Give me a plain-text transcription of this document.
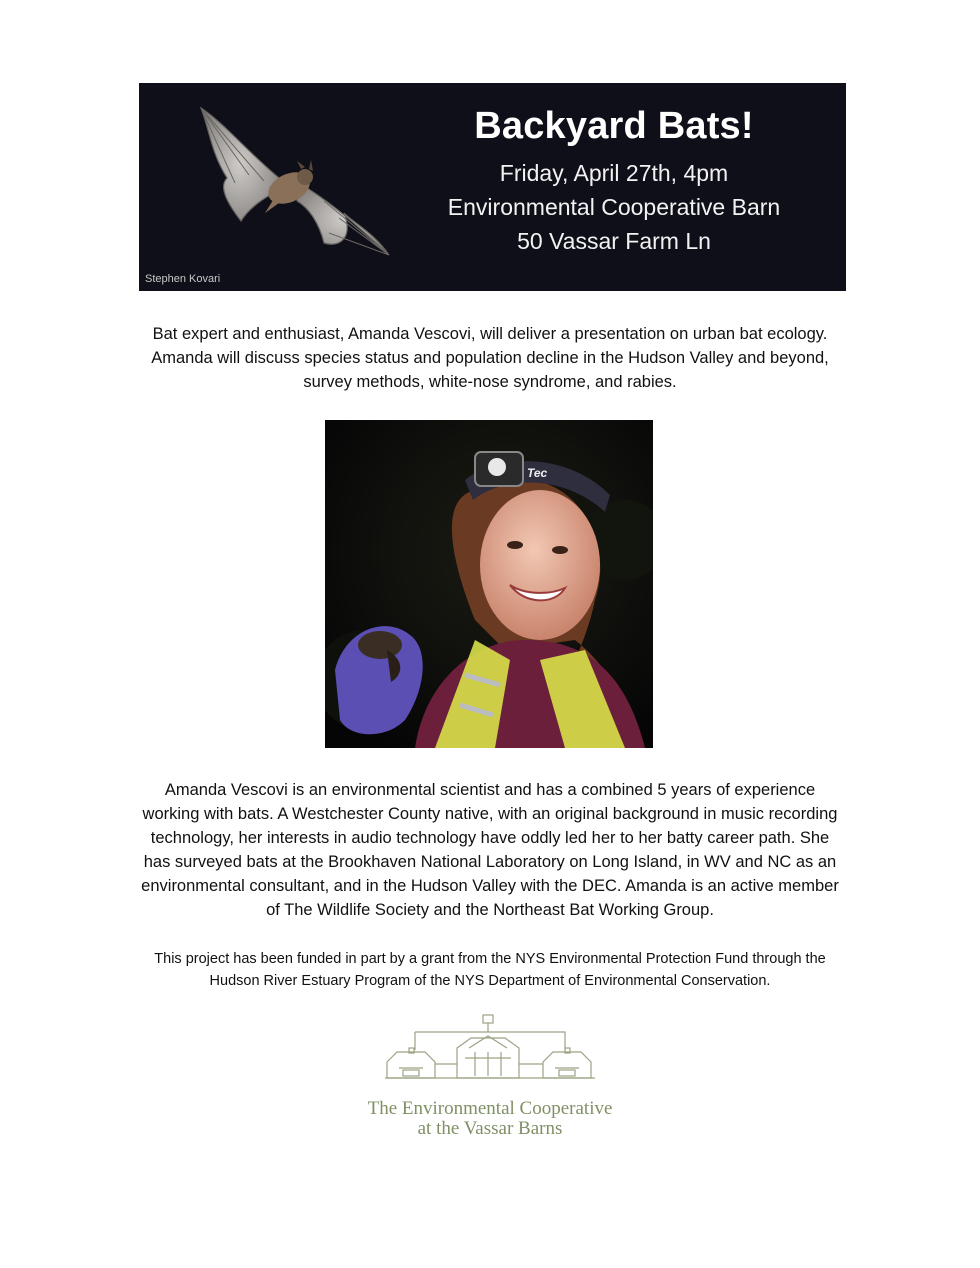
Stephen Kovari
Backyard Bats!
Friday, April 27th, 4pm
Environmental Cooperative Barn
50 Vassar Farm Ln
Bat expert and enthusiast, Amanda Vescovi, will deliver a presentation on urban bat ecology.
Amanda will discuss species status and population decline in the Hudson Valley and beyond,
survey methods, white-nose syndrome, and rabies.
Tec
Amanda Vescovi is an environmental scientist and has a combined 5 years of experience
working with bats. A Westchester County native, with an original background in music recording
technology, her interests in audio technology have oddly led her to her batty career path. She
has surveyed bats at the Brookhaven National Laboratory on Long Island, in WV and NC as an
environmental consultant, and in the Hudson Valley with the DEC. Amanda is an active member
of The Wildlife Society and the Northeast Bat Working Group.
This project has been funded in part by a grant from the NYS Environmental Protection Fund through the
Hudson River Estuary Program of the NYS Department of Environmental Conservation.
The Environmental Cooperative
at the Vassar Barns
